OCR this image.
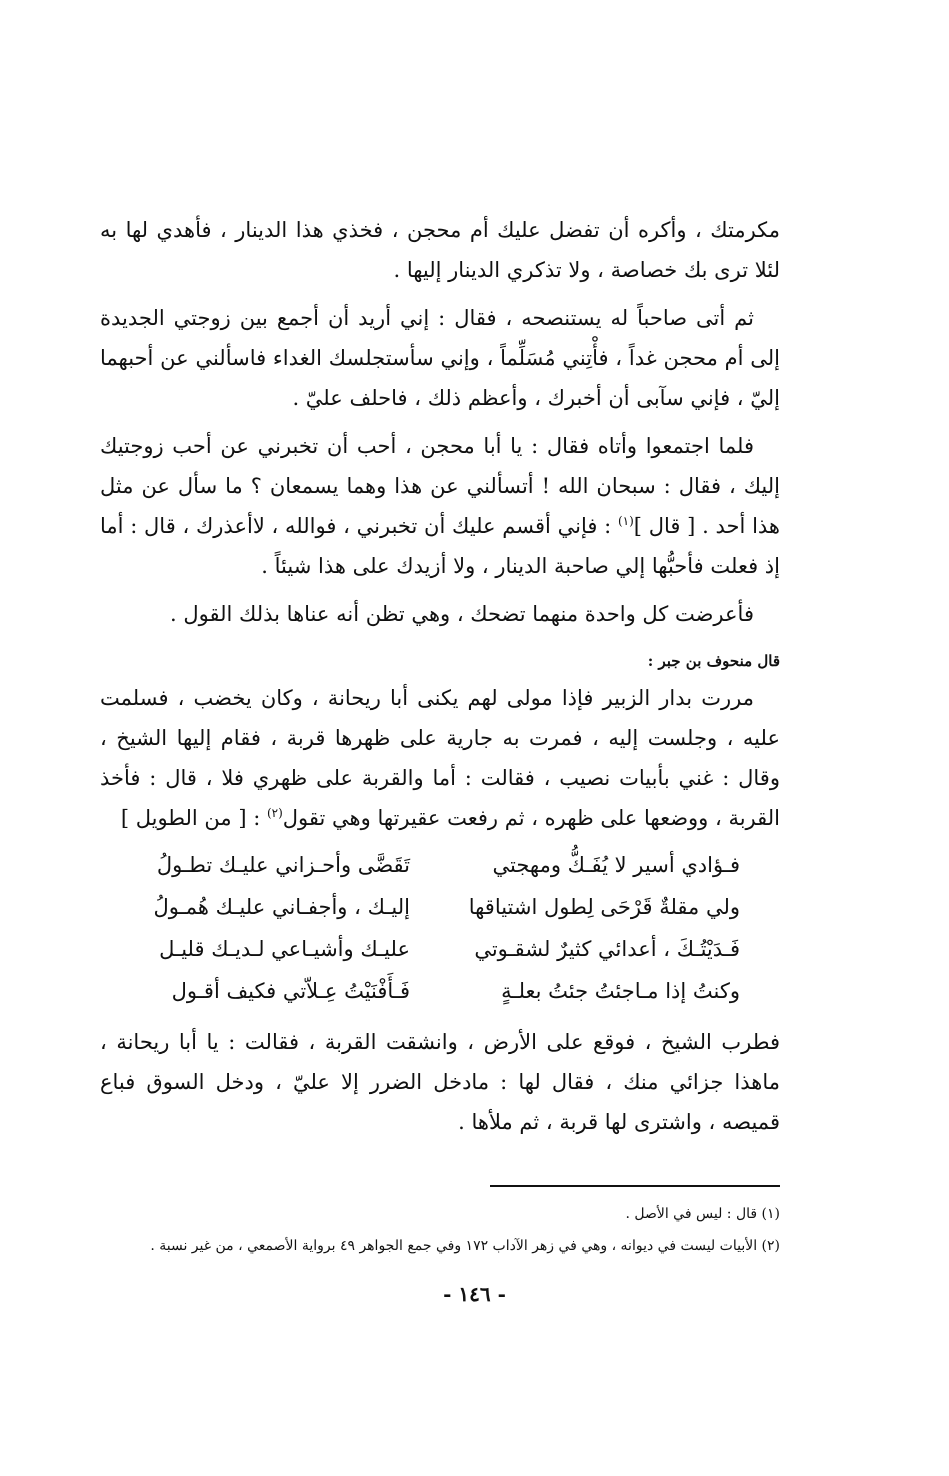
مكرمتك ، وأكره أن تفضل عليك أم محجن ، فخذي هذا الدينار ، فأهدي لها به لئلا ترى بك خصاصة ، ولا تذكري الدينار إليها .

ثم أتى صاحباً له يستنصحه ، فقال : إني أريد أن أجمع بين زوجتي الجديدة إلى أم محجن غداً ، فأْتِني مُسَلِّماً ، وإني سأستجلسك الغداء فاسألني عن أحبهما إليّ ، فإني سآبى أن أخبرك ، وأعظم ذلك ، فاحلف عليّ .

فلما اجتمعوا وأتاه فقال : يا أبا محجن ، أحب أن تخبرني عن أحب زوجتيك إليك ، فقال : سبحان الله ! أتسألني عن هذا وهما يسمعان ؟ ما سأل عن مثل هذا أحد . [ قال ]$^{(١)}$ : فإني أقسم عليك أن تخبرني ، فوالله ، لاأعذرك ، قال : أما إذ فعلت فأحبُّها إلي صاحبة الدينار ، ولا أزيدك على هذا شيئاً .

فأعرضت كل واحدة منهما تضحك ، وهي تظن أنه عناها بذلك القول .

قال منحوف بن جبر :

مررت بدار الزبير فإذا مولى لهم يكنى أبا ريحانة ، وكان يخضب ، فسلمت عليه ، وجلست إليه ، فمرت به جارية على ظهرها قربة ، فقام إليها الشيخ ، وقال : غني بأبيات نصيب ، فقالت : أما والقربة على ظهري فلا ، قال : فأخذ القربة ، ووضعها على ظهره ، ثم رفعت عقيرتها وهي تقول$^{(٢)}$ : [ من الطويل ]

فـؤادي أسير لا يُفَـكُّ ومهجتي
تَقَضَّى وأحـزاني عليـك تطـولُ
ولي مقلةٌ قَرْحَى لِطول اشتياقها
إليـك ، وأجفـاني عليـك هُمـولُ
فَـدَيْتُـكَ ، أعدائي كثيرٌ لشقـوتي
عليـك وأشيـاعي لـديـك قليـل
وكنتُ إذا مـاجئتُ جئتُ بعلـةٍ
فَـأَفْنَيْتُ عِـلاّتي فكيف أقـول

فطرب الشيخ ، فوقع على الأرض ، وانشقت القربة ، فقالت : يا أبا ريحانة ، ماهذا جزائي منك ، فقال لها : مادخل الضرر إلا عليّ ، ودخل السوق فباع قميصه ، واشترى لها قربة ، ثم ملأها .

(١) قال : ليس في الأصل .
(٢) الأبيات ليست في ديوانه ، وهي في زهر الآداب ١٧٢ وفي جمع الجواهر ٤٩ برواية الأصمعي ، من غير نسبة .
- ١٤٦ -
